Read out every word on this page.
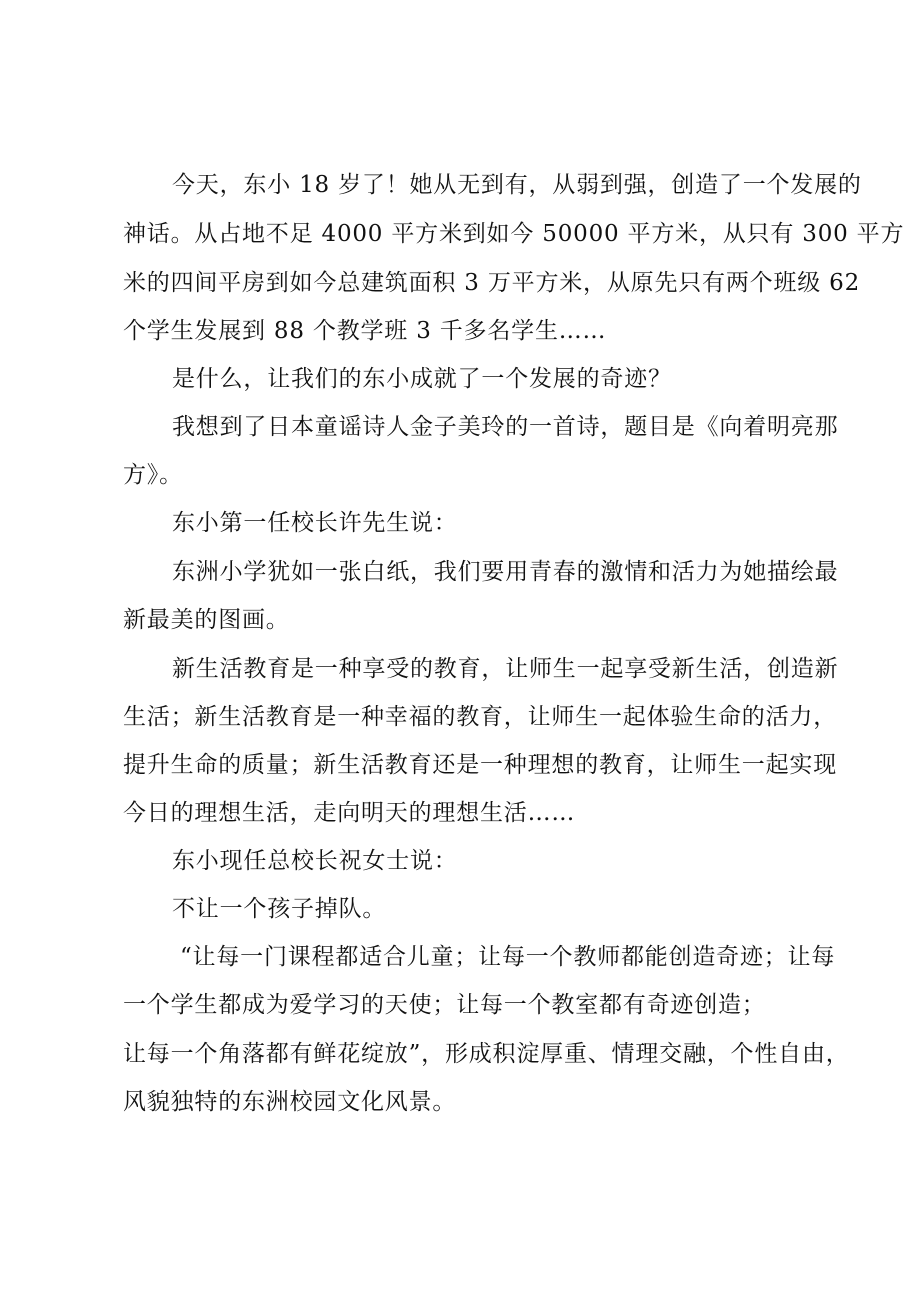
今天，东小 18 岁了！她从无到有，从弱到强，创造了一个发展的
神话。从占地不足 4000 平方米到如今 50000 平方米，从只有 300 平方
米的四间平房到如今总建筑面积 3 万平方米，从原先只有两个班级 62
个学生发展到 88 个教学班 3 千多名学生……
是什么，让我们的东小成就了一个发展的奇迹？
我想到了日本童谣诗人金子美玲的一首诗，题目是《向着明亮那
方》。
东小第一任校长许先生说：
东洲小学犹如一张白纸，我们要用青春的激情和活力为她描绘最
新最美的图画。
新生活教育是一种享受的教育，让师生一起享受新生活，创造新
生活；新生活教育是一种幸福的教育，让师生一起体验生命的活力，
提升生命的质量；新生活教育还是一种理想的教育，让师生一起实现
今日的理想生活，走向明天的理想生活……
东小现任总校长祝女士说：
不让一个孩子掉队。
“让每一门课程都适合儿童；让每一个教师都能创造奇迹；让每
一个学生都成为爱学习的天使；让每一个教室都有奇迹创造；
让每一个角落都有鲜花绽放”，形成积淀厚重、情理交融，个性自由，
风貌独特的东洲校园文化风景。
